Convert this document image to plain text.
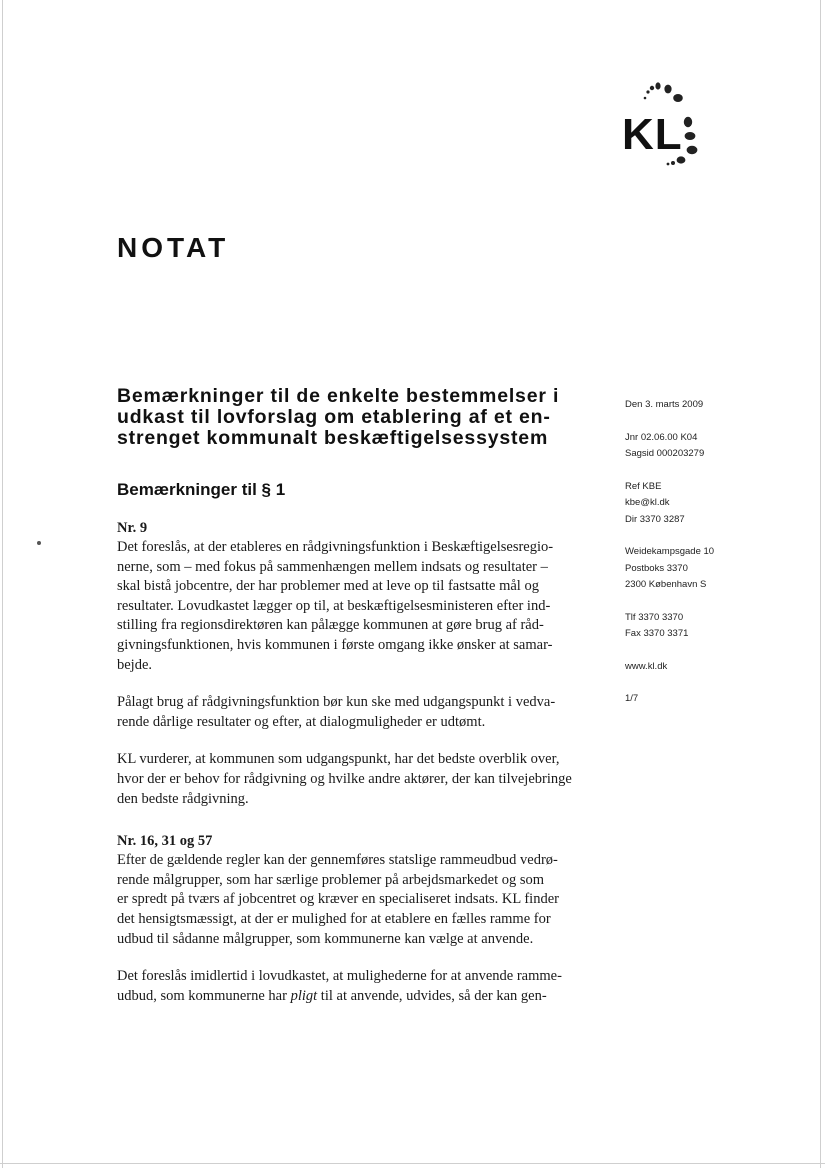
KL
NOTAT
Bemærkninger til de enkelte bestemmelser i
udkast til lovforslag om etablering af et en-
strenget kommunalt beskæftigelsessystem
Bemærkninger til § 1

Nr. 9

Det foreslås, at der etableres en rådgivningsfunktion i Beskæftigelsesregio-

nerne, som – med fokus på sammenhængen mellem indsats og resultater –

skal bistå jobcentre, der har problemer med at leve op til fastsatte mål og

resultater. Lovudkastet lægger op til, at beskæftigelsesministeren efter ind-

stilling fra regionsdirektøren kan pålægge kommunen at gøre brug af råd-

givningsfunktionen, hvis kommunen i første omgang ikke ønsker at samar-

bejde.

Pålagt brug af rådgivningsfunktion bør kun ske med udgangspunkt i vedva-

rende dårlige resultater og efter, at dialogmuligheder er udtømt.

KL vurderer, at kommunen som udgangspunkt, har det bedste overblik over,

hvor der er behov for rådgivning og hvilke andre aktører, der kan tilvejebringe

den bedste rådgivning.

Nr. 16, 31 og 57

Efter de gældende regler kan der gennemføres statslige rammeudbud vedrø-

rende målgrupper, som har særlige problemer på arbejdsmarkedet og som

er spredt på tværs af jobcentret og kræver en specialiseret indsats. KL finder

det hensigtsmæssigt, at der er mulighed for at etablere en fælles ramme for

udbud til sådanne målgrupper, som kommunerne kan vælge at anvende.

Det foreslås imidlertid i lovudkastet, at mulighederne for at anvende ramme-

udbud, som kommunerne har pligt til at anvende, udvides, så der kan gen-

Den 3. marts 2009
Jnr 02.06.00 K04
Sagsid 000203279
Ref KBE
kbe@kl.dk
Dir 3370 3287
Weidekampsgade 10
Postboks 3370
2300 København S
Tlf 3370 3370
Fax 3370 3371
www.kl.dk
1/7
